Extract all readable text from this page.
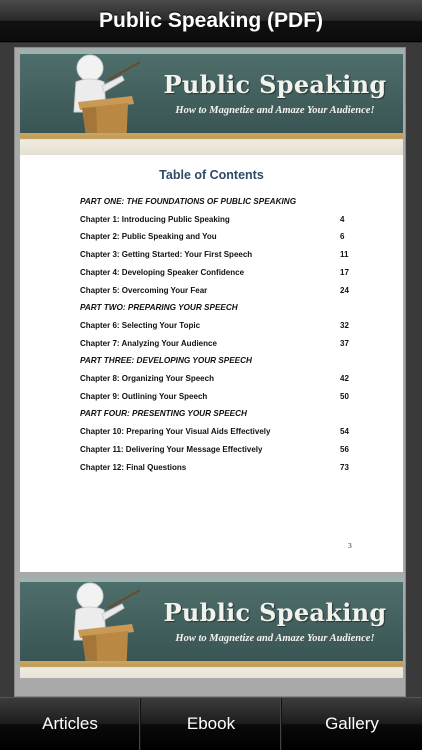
Public Speaking (PDF)
Public Speaking
How to Magnetize and Amaze Your Audience!
Table of Contents
PART ONE: THE FOUNDATIONS OF PUBLIC SPEAKING
Chapter 1: Introducing Public Speaking	4
Chapter 2: Public Speaking and You	6
Chapter 3: Getting Started: Your First Speech	11
Chapter 4: Developing Speaker Confidence	17
Chapter 5: Overcoming Your Fear	24
PART TWO: PREPARING YOUR SPEECH
Chapter 6: Selecting Your Topic	32
Chapter 7: Analyzing Your Audience	37
PART THREE: DEVELOPING YOUR SPEECH
Chapter 8: Organizing Your Speech	42
Chapter 9: Outlining Your Speech	50
PART FOUR: PRESENTING YOUR SPEECH
Chapter 10: Preparing Your Visual Aids Effectively	54
Chapter 11: Delivering Your Message Effectively	56
Chapter 12: Final Questions	73
3
Public Speaking
How to Magnetize and Amaze Your Audience!
Articles	Ebook	Gallery
